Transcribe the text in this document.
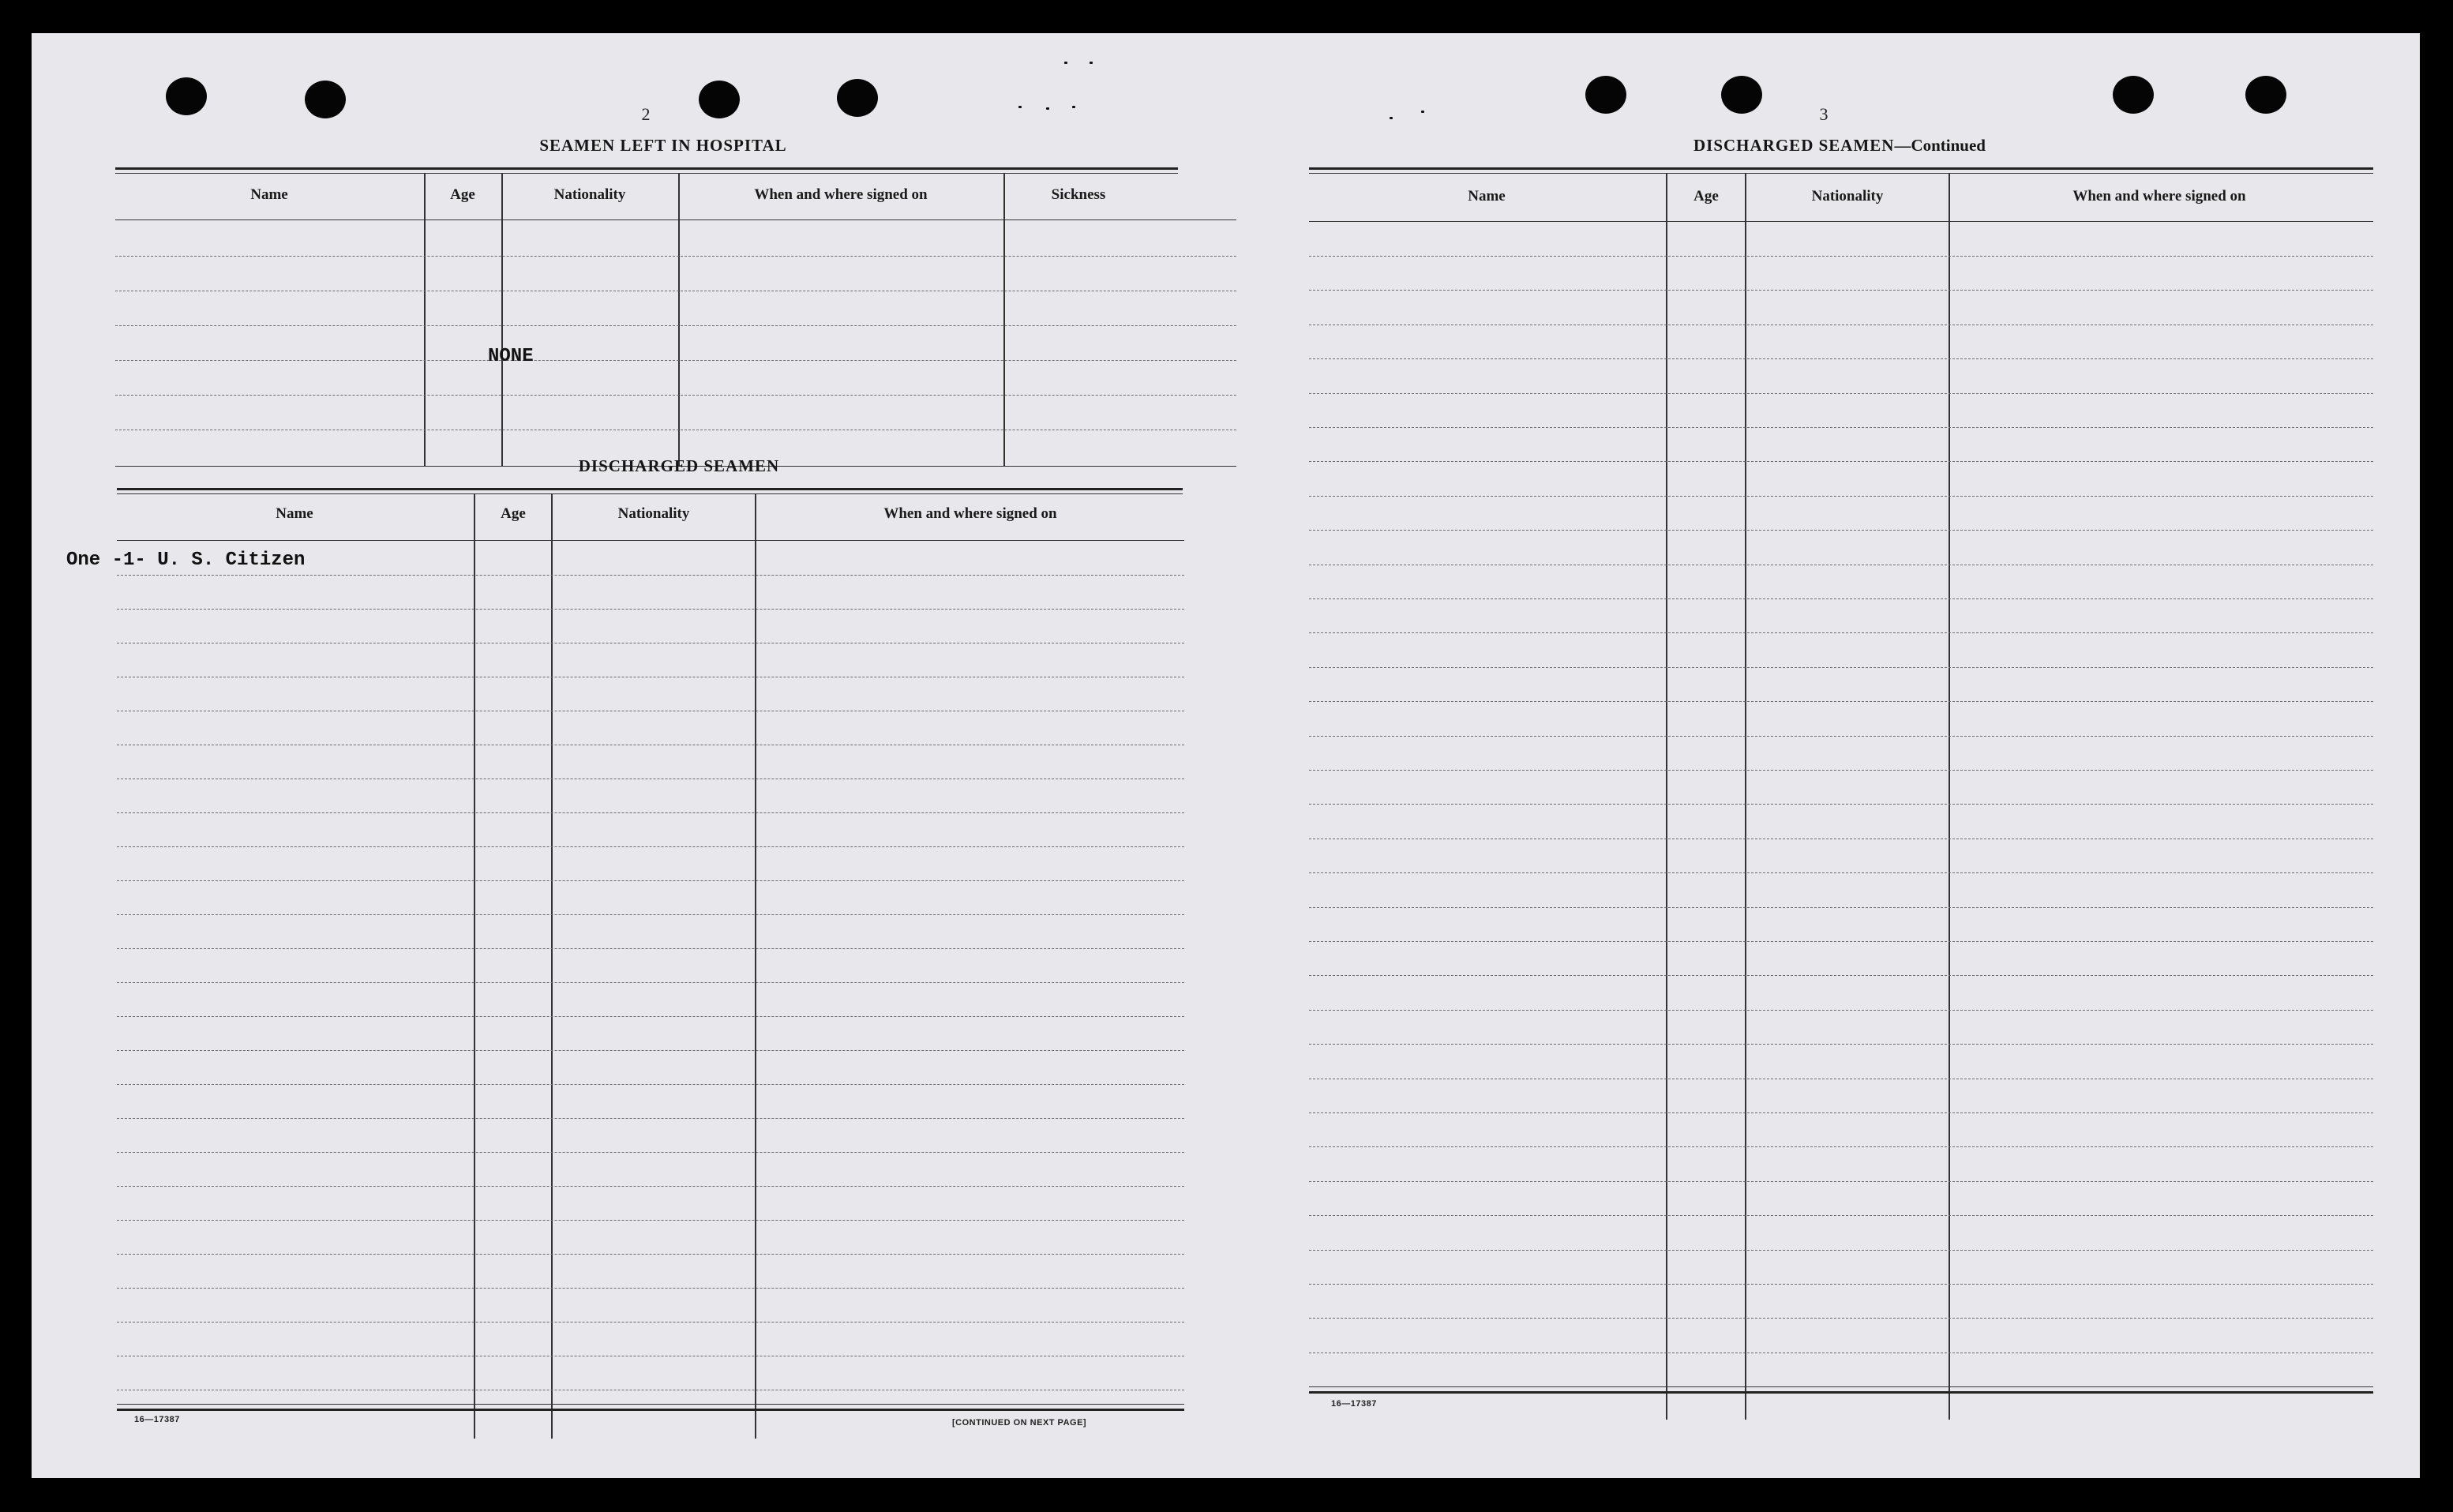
2
SEAMEN LEFT IN HOSPITAL
Name	Age	Nationality	When and where signed on	Sickness
NONE
DISCHARGED SEAMEN
Name	Age	Nationality	When and where signed on
One -1- U. S. Citizen
16—17387	[CONTINUED ON NEXT PAGE]
3
DISCHARGED SEAMEN—Continued
Name	Age	Nationality	When and where signed on
16—17387
